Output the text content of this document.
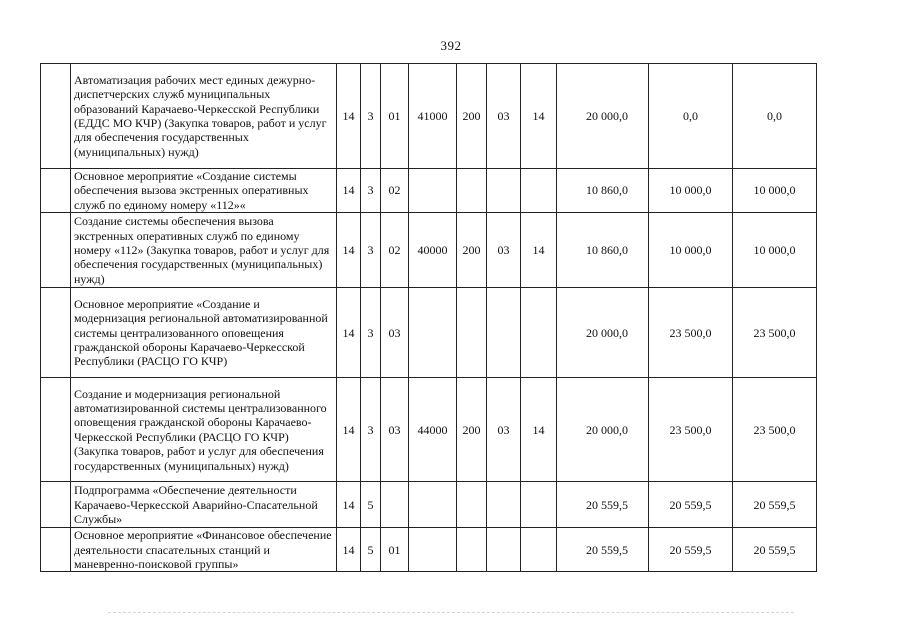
392
	Автоматизация рабочих мест единых дежурно-диспетчерских служб муниципальных образований Карачаево-Черкесской Республики (ЕДДС МО КЧР) (Закупка товаров, работ и услуг для обеспечения государственных (муниципальных) нужд)	14	3	01	41000	200	03	14	20 000,0	0,0	0,0
	Основное мероприятие «Создание системы обеспечения вызова экстренных оперативных служб по единому номеру «112»«	14	3	02					10 860,0	10 000,0	10 000,0
	Создание системы обеспечения вызова экстренных оперативных служб по единому номеру «112» (Закупка товаров, работ и услуг для обеспечения государственных (муниципальных) нужд)	14	3	02	40000	200	03	14	10 860,0	10 000,0	10 000,0
	Основное мероприятие «Создание и модернизация региональной автоматизированной системы централизованного оповещения гражданской обороны Карачаево-Черкесской Республики (РАСЦО ГО КЧР)	14	3	03					20 000,0	23 500,0	23 500,0
	Создание и модернизация региональной автоматизированной системы централизованного оповещения гражданской обороны Карачаево-Черкесской Республики (РАСЦО ГО КЧР) (Закупка товаров, работ и услуг для обеспечения государственных (муниципальных) нужд)	14	3	03	44000	200	03	14	20 000,0	23 500,0	23 500,0
	Подпрограмма «Обеспечение деятельности Карачаево-Черкесской Аварийно-Спасательной Службы»	14	5						20 559,5	20 559,5	20 559,5
	Основное мероприятие «Финансовое обеспечение деятельности спасательных станций и маневренно-поисковой группы»	14	5	01					20 559,5	20 559,5	20 559,5
